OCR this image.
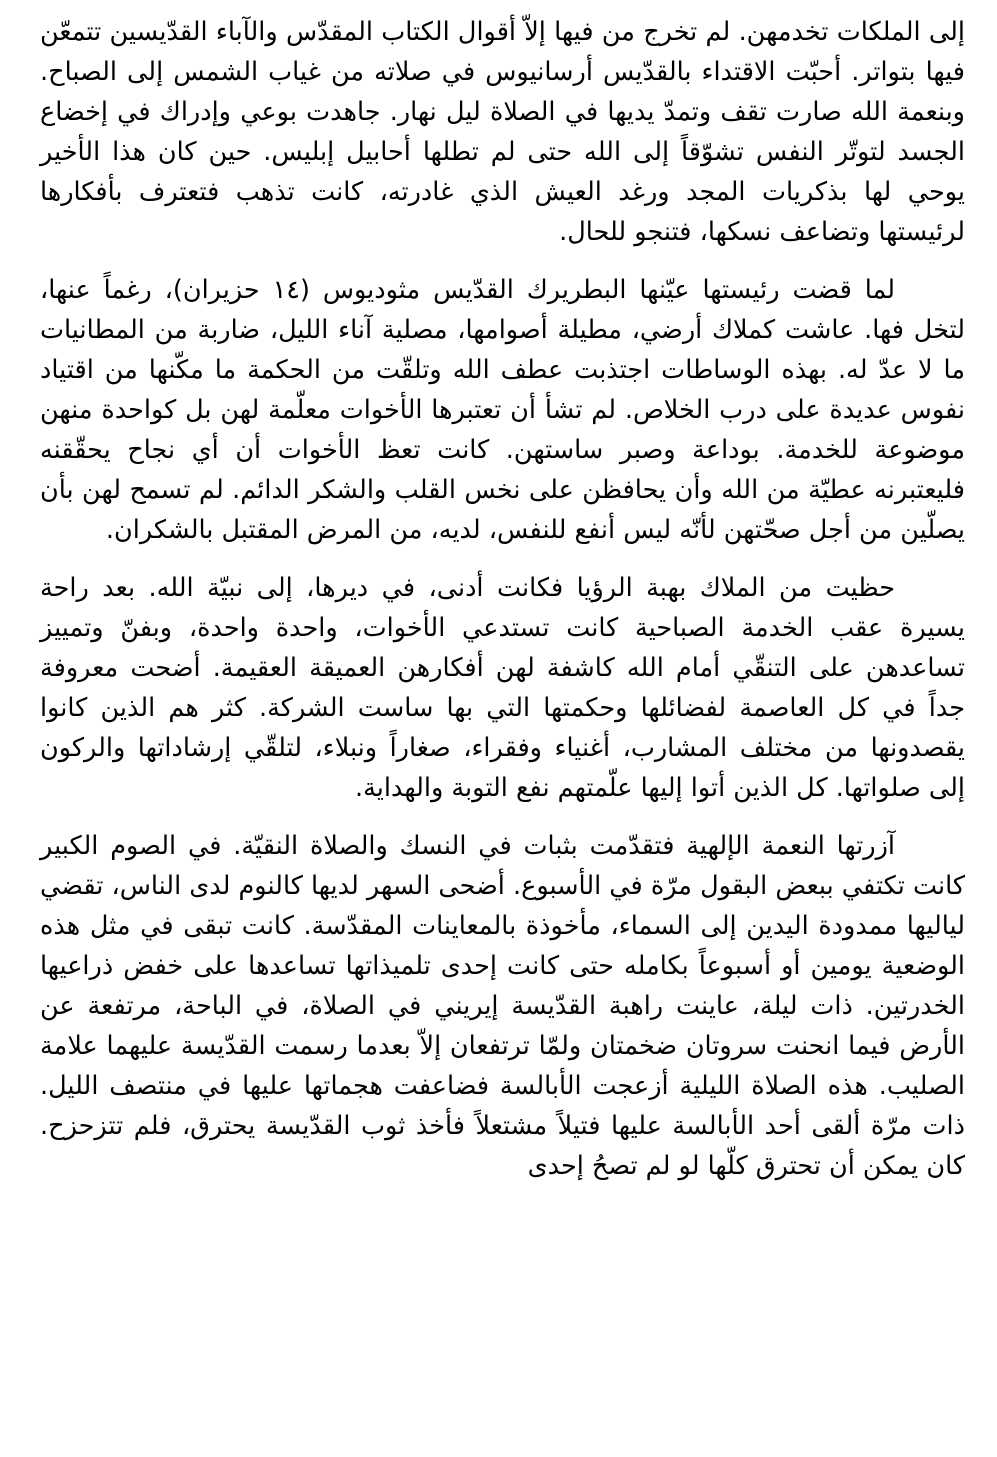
إلى الملكات تخدمهن. لم تخرج من فيها إلاّ أقوال الكتاب المقدّس والآباء القدّيسين تتمعّن فيها بتواتر. أحبّت الاقتداء بالقدّيس أرسانيوس في صلاته من غياب الشمس إلى الصباح. وبنعمة الله صارت تقف وتمدّ يديها في الصلاة ليل نهار. جاهدت بوعي وإدراك في إخضاع الجسد لتوتّر النفس تشوّقاً إلى الله حتى لم تطلها أحابيل إبليس. حين كان هذا الأخير يوحي لها بذكريات المجد ورغد العيش الذي غادرته، كانت تذهب فتعترف بأفكارها لرئيستها وتضاعف نسكها، فتنجو للحال.

لما قضت رئيستها عيّنها البطريرك القدّيس مثوديوس (١٤ حزيران)، رغماً عنها، لتخل فها. عاشت كملاك أرضي، مطيلة أصوامها، مصلية آناء الليل، ضاربة من المطانيات ما لا عدّ له. بهذه الوساطات اجتذبت عطف الله وتلقّت من الحكمة ما مكّنها من اقتياد نفوس عديدة على درب الخلاص. لم تشأ أن تعتبرها الأخوات معلّمة لهن بل كواحدة منهن موضوعة للخدمة. بوداعة وصبر ساستهن. كانت تعظ الأخوات أن أي نجاح يحقّقنه فليعتبرنه عطيّة من الله وأن يحافظن على نخس القلب والشكر الدائم. لم تسمح لهن بأن يصلّين من أجل صحّتهن لأنّه ليس أنفع للنفس، لديه، من المرض المقتبل بالشكران.

حظيت من الملاك بهبة الرؤيا فكانت أدنى، في ديرها، إلى نبيّة الله. بعد راحة يسيرة عقب الخدمة الصباحية كانت تستدعي الأخوات، واحدة واحدة، وبفنّ وتمييز تساعدهن على التنقّي أمام الله كاشفة لهن أفكارهن العميقة العقيمة. أضحت معروفة جداً في كل العاصمة لفضائلها وحكمتها التي بها ساست الشركة. كثر هم الذين كانوا يقصدونها من مختلف المشارب، أغنياء وفقراء، صغاراً ونبلاء، لتلقّي إرشاداتها والركون إلى صلواتها. كل الذين أتوا إليها علّمتهم نفع التوبة والهداية.

آزرتها النعمة الإلهية فتقدّمت بثبات في النسك والصلاة النقيّة. في الصوم الكبير كانت تكتفي ببعض البقول مرّة في الأسبوع. أضحى السهر لديها كالنوم لدى الناس، تقضي لياليها ممدودة اليدين إلى السماء، مأخوذة بالمعاينات المقدّسة. كانت تبقى في مثل هذه الوضعية يومين أو أسبوعاً بكامله حتى كانت إحدى تلميذاتها تساعدها على خفض ذراعيها الخدرتين. ذات ليلة، عاينت راهبة القدّيسة إيريني في الصلاة، في الباحة، مرتفعة عن الأرض فيما انحنت سروتان ضخمتان ولمّا ترتفعان إلاّ بعدما رسمت القدّيسة عليهما علامة الصليب. هذه الصلاة الليلية أزعجت الأبالسة فضاعفت هجماتها عليها في منتصف الليل. ذات مرّة ألقى أحد الأبالسة عليها فتيلاً مشتعلاً فأخذ ثوب القدّيسة يحترق، فلم تتزحزح. كان يمكن أن تحترق كلّها لو لم تصحُ إحدى
